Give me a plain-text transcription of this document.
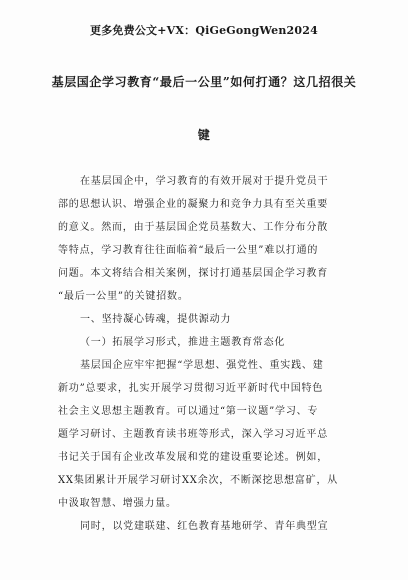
更多免费公文+VX：QiGeGongWen2024
基层国企学习教育“最后一公里”如何打通？这几招很关
键
在基层国企中，学习教育的有效开展对于提升党员干
部的思想认识、增强企业的凝聚力和竞争力具有至关重要
的意义。然而，由于基层国企党员基数大、工作分布分散
等特点，学习教育往往面临着“最后一公里”难以打通的
问题。本文将结合相关案例，探讨打通基层国企学习教育
“最后一公里”的关键招数。
一、坚持凝心铸魂，提供源动力
（一）拓展学习形式，推进主题教育常态化
基层国企应牢牢把握“学思想、强党性、重实践、建
新功”总要求，扎实开展学习贯彻习近平新时代中国特色
社会主义思想主题教育。可以通过“第一议题”学习、专
题学习研讨、主题教育读书班等形式，深入学习习近平总
书记关于国有企业改革发展和党的建设重要论述。例如，
XX集团累计开展学习研讨XX余次，不断深挖思想富矿，从
中汲取智慧、增强力量。
同时，以党建联建、红色教育基地研学、青年典型宣
